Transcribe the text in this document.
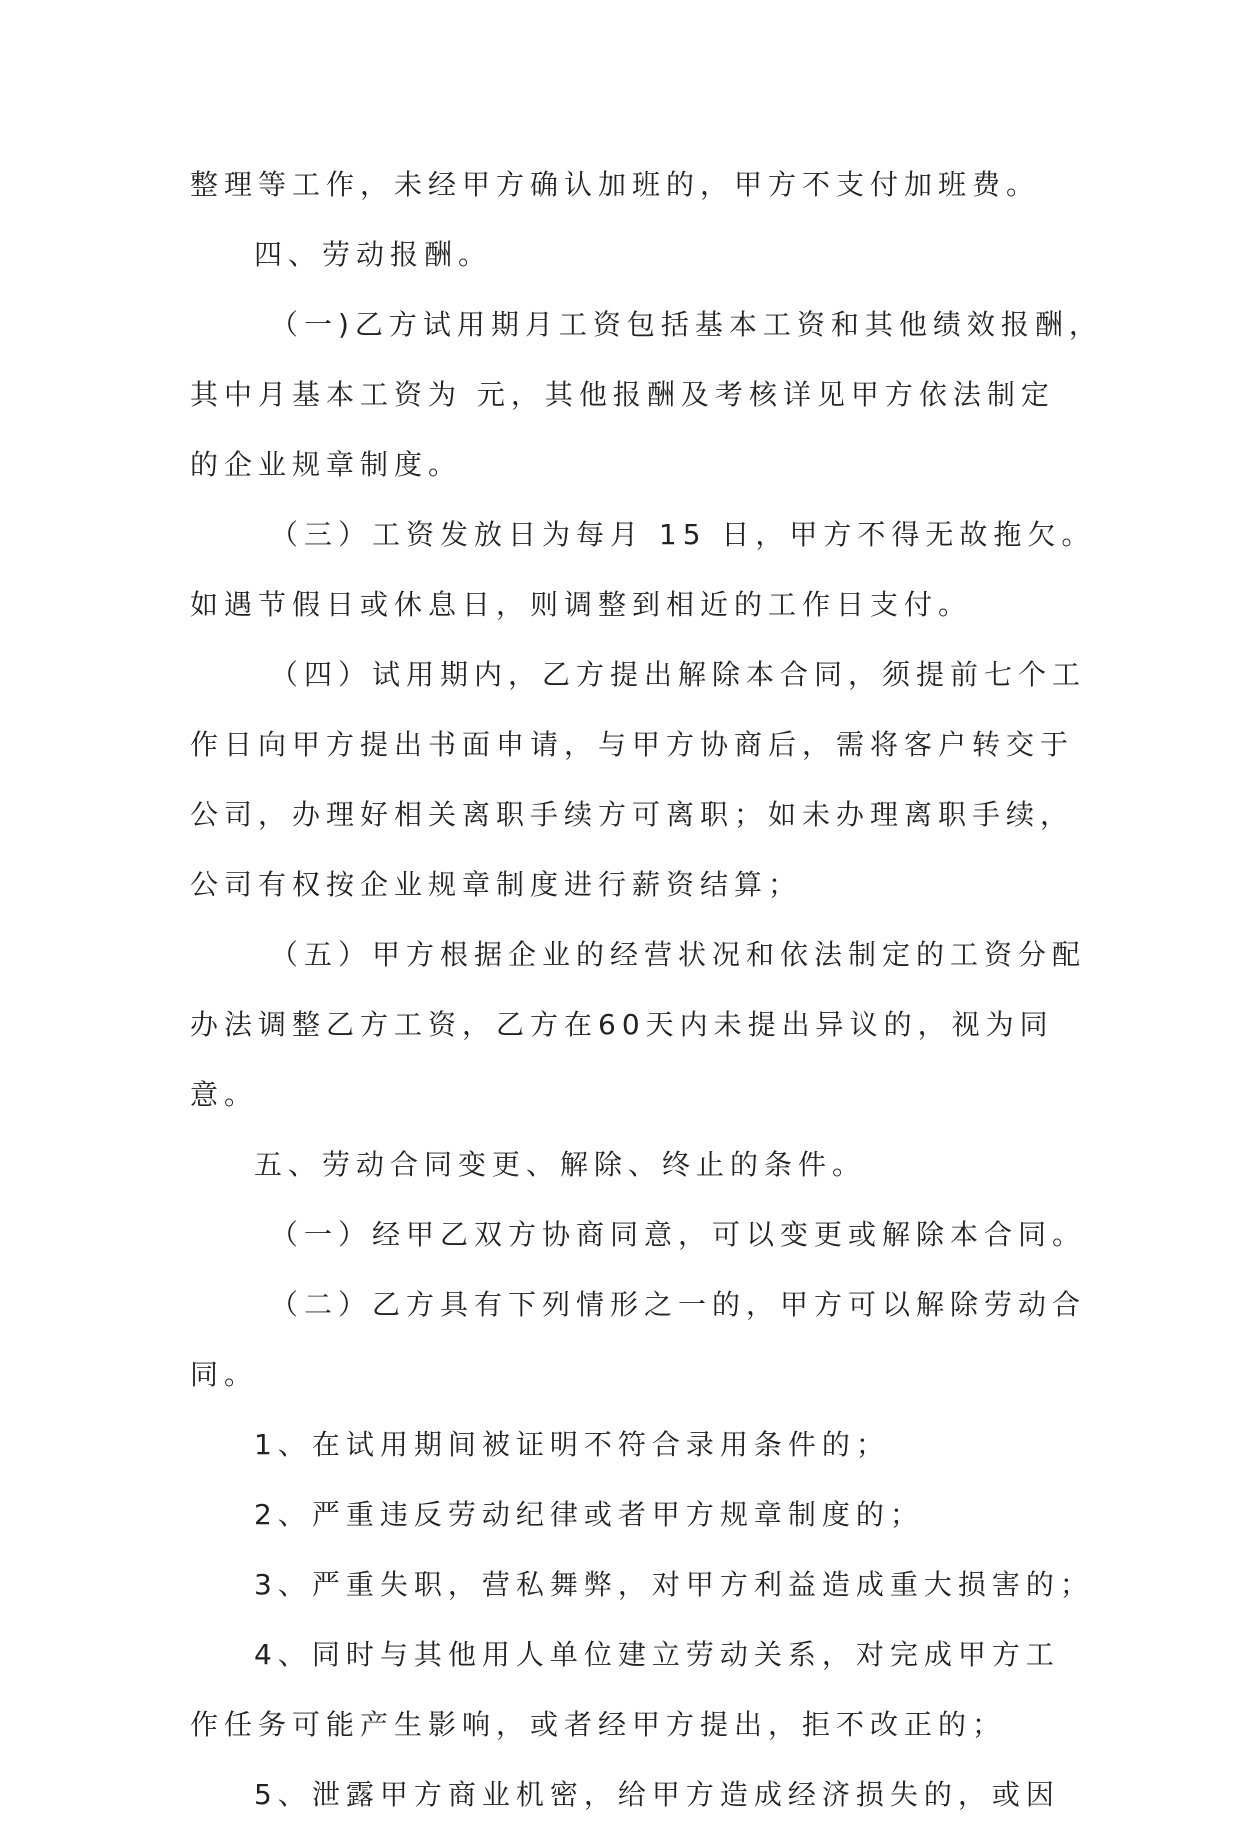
整理等工作，未经甲方确认加班的，甲方不支付加班费。
四、劳动报酬。
（一)乙方试用期月工资包括基本工资和其他绩效报酬，
其中月基本工资为 元，其他报酬及考核详见甲方依法制定
的企业规章制度。
（三）工资发放日为每月 15 日，甲方不得无故拖欠。
如遇节假日或休息日，则调整到相近的工作日支付。
（四）试用期内，乙方提出解除本合同，须提前七个工
作日向甲方提出书面申请，与甲方协商后，需将客户转交于
公司，办理好相关离职手续方可离职；如未办理离职手续，
公司有权按企业规章制度进行薪资结算；
（五）甲方根据企业的经营状况和依法制定的工资分配
办法调整乙方工资，乙方在60天内未提出异议的，视为同
意。
五、劳动合同变更、解除、终止的条件。
（一）经甲乙双方协商同意，可以变更或解除本合同。
（二）乙方具有下列情形之一的，甲方可以解除劳动合
同。
1、在试用期间被证明不符合录用条件的；
2、严重违反劳动纪律或者甲方规章制度的；
3、严重失职，营私舞弊，对甲方利益造成重大损害的；
4、同时与其他用人单位建立劳动关系，对完成甲方工
作任务可能产生影响，或者经甲方提出，拒不改正的；
5、泄露甲方商业机密，给甲方造成经济损失的，或因
